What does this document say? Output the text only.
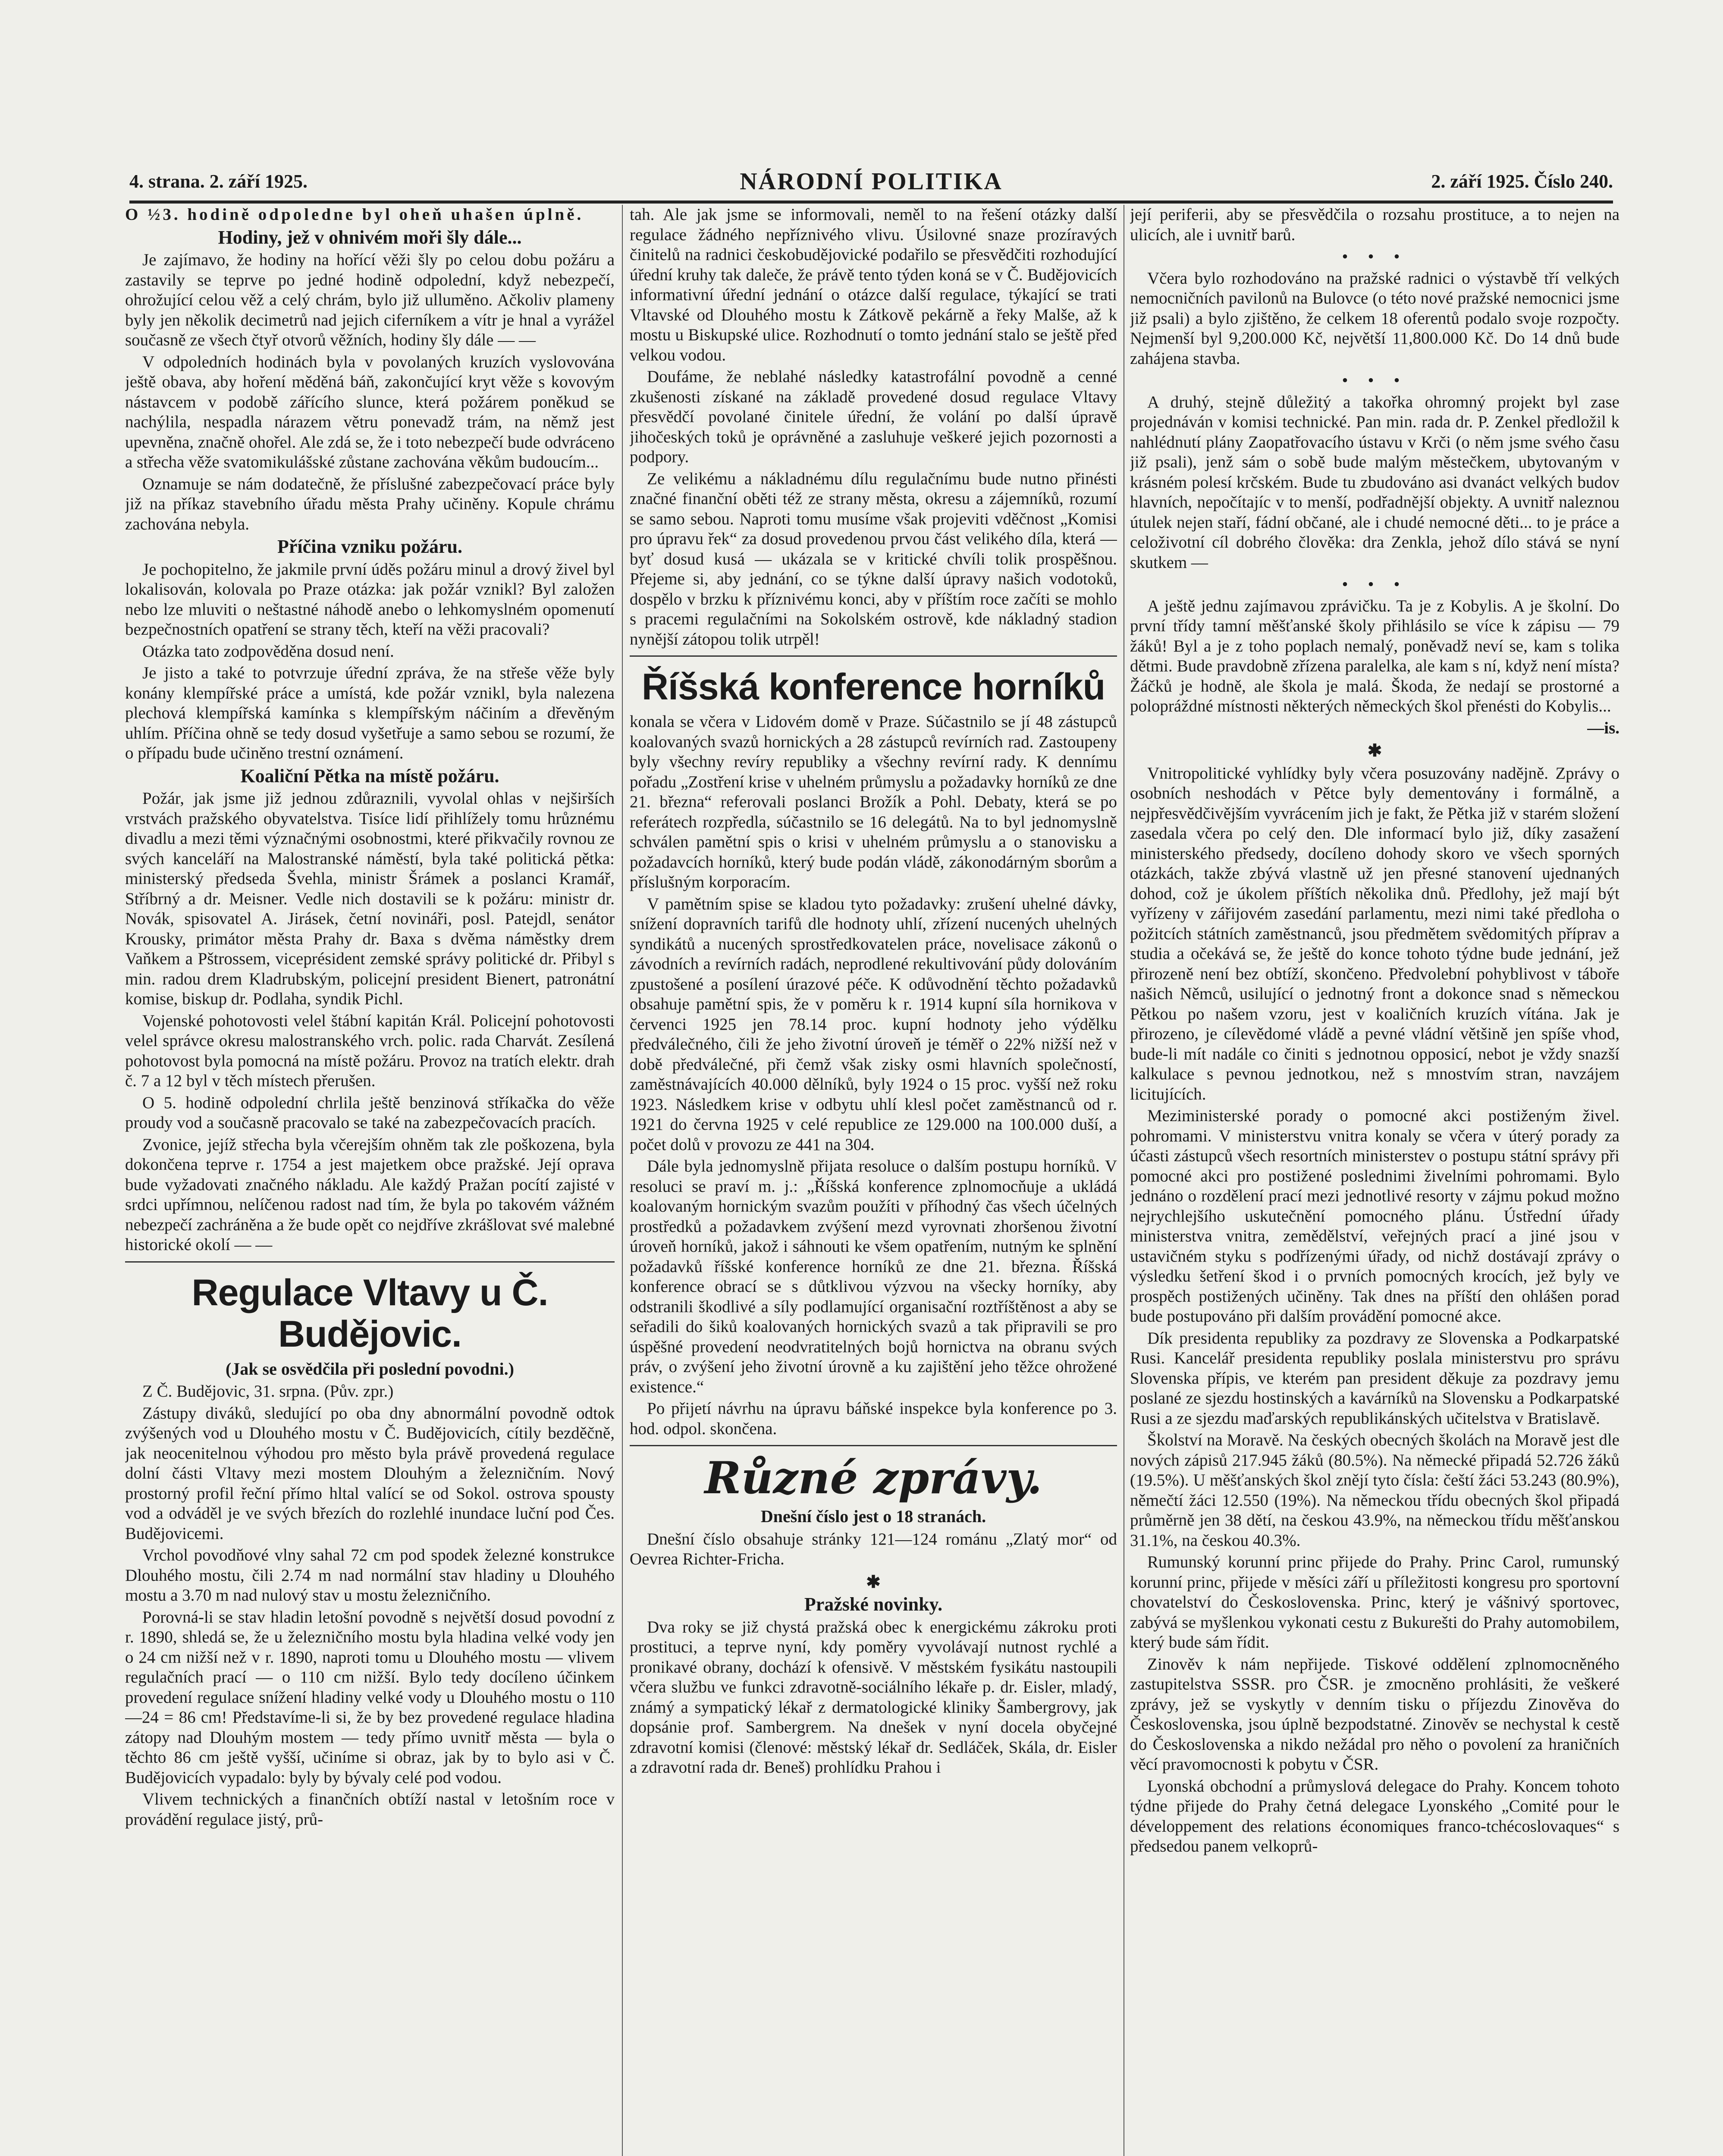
4. strana. 2. září 1925.	NÁRODNÍ POLITIKA	2. září 1925. Číslo 240.

O ½3. hodině odpoledne byl oheň uhašen úplně.

Hodiny, jež v ohnivém moři šly dále...

Je zajímavo, že hodiny na hořící věži šly po celou dobu požáru a zastavily se teprve po jedné hodině odpolední, když nebezpečí, ohrožující celou věž a celý chrám, bylo již ulluměno. Ačkoliv plameny byly jen několik decimetrů nad jejich ciferníkem a vítr je hnal a vyrážel současně ze všech čtyř otvorů věžních, hodiny šly dále — —

V odpoledních hodinách byla v povolaných kruzích vyslovována ještě obava, aby hoření měděná báň, zakončující kryt věže s kovovým nástavcem v podobě zářícího slunce, která požárem poněkud se nachýlila, nespadla nárazem větru ponevadž trám, na němž jest upevněna, značně ohořel. Ale zdá se, že i toto nebezpečí bude odvráceno a střecha věže svatomikulášské zůstane zachována věkům budoucím...

Oznamuje se nám dodatečně, že příslušné zabezpečovací práce byly již na příkaz stavebního úřadu města Prahy učiněny. Kopule chrámu zachována nebyla.

Příčina vzniku požáru.

Je pochopitelno, že jakmile první úděs požáru minul a drový živel byl lokalisován, kolovala po Praze otázka: jak požár vznikl? Byl založen nebo lze mluviti o neštastné náhodě anebo o lehkomyslném opomenutí bezpečnostních opatření se strany těch, kteří na věži pracovali?

Otázka tato zodpověděna dosud není.

Je jisto a také to potvrzuje úřední zpráva, že na střeše věže byly konány klempířské práce a umístá, kde požár vznikl, byla nalezena plechová klempířská kamínka s klempířským náčiním a dřevěným uhlím. Příčina ohně se tedy dosud vyšetřuje a samo sebou se rozumí, že o případu bude učiněno trestní oznámení.

Koaliční Pětka na místě požáru.

Požár, jak jsme již jednou zdůraznili, vyvolal ohlas v nejširších vrstvách pražského obyvatelstva. Tisíce lidí přihlížely tomu hrůznému divadlu a mezi těmi význačnými osobnostmi, které přikvačily rovnou ze svých kanceláří na Malostranské náměstí, byla také politická pětka: ministerský předseda Švehla, ministr Šrámek a poslanci Kramář, Stříbrný a dr. Meisner. Vedle nich dostavili se k požáru: ministr dr. Novák, spisovatel A. Jirásek, četní novináři, posl. Patejdl, senátor Krousky, primátor města Prahy dr. Baxa s dvěma náměstky drem Vaňkem a Pštrossem, viceprésident zemské správy politické dr. Přibyl s min. radou drem Kladrubským, policejní president Bienert, patronátní komise, biskup dr. Podlaha, syndik Pichl.

Vojenské pohotovosti velel štábní kapitán Král. Policejní pohotovosti velel správce okresu malostranského vrch. polic. rada Charvát. Zesílená pohotovost byla pomocná na místě požáru. Provoz na tratích elektr. drah č. 7 a 12 byl v těch místech přerušen.

O 5. hodině odpolední chrlila ještě benzinová stříkačka do věže proudy vod a současně pracovalo se také na zabezpečovacích pracích.

Zvonice, jejíž střecha byla včerejším ohněm tak zle poškozena, byla dokončena teprve r. 1754 a jest majetkem obce pražské. Její oprava bude vyžadovati značného nákladu. Ale každý Pražan pocítí zajisté v srdci upřímnou, nelíčenou radost nad tím, že byla po takovém vážném nebezpečí zachráněna a že bude opět co nejdříve zkrášlovat své malebné historické okolí — —

Regulace Vltavy u Č. Budějovic.
(Jak se osvědčila při poslední povodni.)

Z Č. Budějovic, 31. srpna. (Pův. zpr.)

Zástupy diváků, sledující po oba dny abnormální povodně odtok zvýšených vod u Dlouhého mostu v Č. Budějovicích, cítily bezděčně, jak neocenitelnou výhodou pro město byla právě provedená regulace dolní části Vltavy mezi mostem Dlouhým a železničním. Nový prostorný profil řeční přímo hltal valící se od Sokol. ostrova spousty vod a odváděl je ve svých březích do rozlehlé inundace luční pod Čes. Budějovicemi.

Vrchol povodňové vlny sahal 72 cm pod spodek železné konstrukce Dlouhého mostu, čili 2.74 m nad normální stav hladiny u Dlouhého mostu a 3.70 m nad nulový stav u mostu železničního.

Porovná-li se stav hladin letošní povodně s největší dosud povodní z r. 1890, shledá se, že u železničního mostu byla hladina velké vody jen o 24 cm nižší než v r. 1890, naproti tomu u Dlouhého mostu — vlivem regulačních prací — o 110 cm nižší. Bylo tedy docíleno účinkem provedení regulace snížení hladiny velké vody u Dlouhého mostu o 110—24 = 86 cm! Představíme-li si, že by bez provedené regulace hladina zátopy nad Dlouhým mostem — tedy přímo uvnitř města — byla o těchto 86 cm ještě vyšší, učiníme si obraz, jak by to bylo asi v Č. Budějovicích vypadalo: byly by bývaly celé pod vodou.

Vlivem technických a finančních obtíží nastal v letošním roce v provádění regulace jistý, prů-

tah. Ale jak jsme se informovali, neměl to na řešení otázky další regulace žádného nepříznivého vlivu. Úsilovné snaze prozíravých činitelů na radnici českobudějovické podařilo se přesvědčiti rozhodující úřední kruhy tak daleče, že právě tento týden koná se v Č. Budějovicích informativní úřední jednání o otázce další regulace, týkající se trati Vltavské od Dlouhého mostu k Zátkově pekárně a řeky Malše, až k mostu u Biskupské ulice. Rozhodnutí o tomto jednání stalo se ještě před velkou vodou.

Doufáme, že neblahé následky katastrofální povodně a cenné zkušenosti získané na základě provedené dosud regulace Vltavy přesvědčí povolané činitele úřední, že volání po další úpravě jihočeských toků je oprávněné a zasluhuje veškeré jejich pozornosti a podpory.

Ze velikému a nákladnému dílu regulačnímu bude nutno přinésti značné finanční oběti též ze strany města, okresu a zájemníků, rozumí se samo sebou. Naproti tomu musíme však projeviti vděčnost „Komisi pro úpravu řek“ za dosud provedenou prvou část velikého díla, která — byť dosud kusá — ukázala se v kritické chvíli tolik prospěšnou. Přejeme si, aby jednání, co se týkne další úpravy našich vodotoků, dospělo v brzku k příznivému konci, aby v příštím roce začíti se mohlo s pracemi regulačními na Sokolském ostrově, kde nákladný stadion nynější zátopou tolik utrpěl!

Říšská konference horníků

konala se včera v Lidovém domě v Praze. Súčastnilo se jí 48 zástupců koalovaných svazů hornických a 28 zástupců revírních rad. Zastoupeny byly všechny revíry republiky a všechny revírní rady. K dennímu pořadu „Zostření krise v uhelném průmyslu a požadavky horníků ze dne 21. března“ referovali poslanci Brožík a Pohl. Debaty, která se po referátech rozpředla, súčastnilo se 16 delegátů. Na to byl jednomyslně schválen pamětní spis o krisi v uhelném průmyslu a o stanovisku a požadavcích horníků, který bude podán vládě, zákonodárným sborům a příslušným korporacím.

V pamětním spise se kladou tyto požadavky: zrušení uhelné dávky, snížení dopravních tarifů dle hodnoty uhlí, zřízení nucených uhelných syndikátů a nucených sprostředkovatelen práce, novelisace zákonů o závodních a revírních radách, neprodlené rekultivování půdy dolováním zpustošené a posílení úrazové péče. K odůvodnění těchto požadavků obsahuje pamětní spis, že v poměru k r. 1914 kupní síla hornikova v červenci 1925 jen 78.14 proc. kupní hodnoty jeho výdělku předválečného, čili že jeho životní úroveň je téměř o 22% nižší než v době předválečné, při čemž však zisky osmi hlavních společností, zaměstnávajících 40.000 dělníků, byly 1924 o 15 proc. vyšší než roku 1923. Následkem krise v odbytu uhlí klesl počet zaměstnanců od r. 1921 do června 1925 v celé republice ze 129.000 na 100.000 duší, a počet dolů v provozu ze 441 na 304.

Dále byla jednomyslně přijata resoluce o dalším postupu horníků. V resoluci se praví m. j.: „Říšská konference zplnomocňuje a ukládá koalovaným hornickým svazům použíti v příhodný čas všech účelných prostředků a požadavkem zvýšení mezd vyrovnati zhoršenou životní úroveň horníků, jakož i sáhnouti ke všem opatřením, nutným ke splnění požadavků říšské konference horníků ze dne 21. března. Říšská konference obrací se s důtklivou výzvou na všecky horníky, aby odstranili škodlivé a síly podlamující organisační roztříštěnost a aby se seřadili do šiků koalovaných hornických svazů a tak připravili se pro úspěšné provedení neodvratitelných bojů hornictva na obranu svých práv, o zvýšení jeho životní úrovně a ku zajištění jeho těžce ohrožené existence.“

Po přijetí návrhu na úpravu báňské inspekce byla konference po 3. hod. odpol. skončena.

Různé zprávy.
Dnešní číslo jest o 18 stranách.

Dnešní číslo obsahuje stránky 121—124 románu „Zlatý mor“ od Oevrea Richter-Fricha.

✱
Pražské novinky.

Dva roky se již chystá pražská obec k energickému zákroku proti prostituci, a teprve nyní, kdy poměry vyvolávají nutnost rychlé a pronikavé obrany, dochází k ofensivě. V městském fysikátu nastoupili včera službu ve funkci zdravotně-sociálního lékaře p. dr. Eisler, mladý, známý a sympatický lékař z dermatologické kliniky Šambergrovy, jak dopsánie prof. Sambergrem. Na dnešek v nyní docela obyčejné zdravotní komisi (členové: městský lékař dr. Sedláček, Skála, dr. Eisler a zdravotní rada dr. Beneš) prohlídku Prahou i

její periferii, aby se přesvědčila o rozsahu prostituce, a to nejen na ulicích, ale i uvnitř barů.

• • •

Včera bylo rozhodováno na pražské radnici o výstavbě tří velkých nemocničních pavilonů na Bulovce (o této nové pražské nemocnici jsme již psali) a bylo zjištěno, že celkem 18 oferentů podalo svoje rozpočty. Nejmenší byl 9,200.000 Kč, největší 11,800.000 Kč. Do 14 dnů bude zahájena stavba.

• • •

A druhý, stejně důležitý a takořka ohromný projekt byl zase projednáván v komisi technické. Pan min. rada dr. P. Zenkel předložil k nahlédnutí plány Zaopatřovacího ústavu v Krči (o něm jsme svého času již psali), jenž sám o sobě bude malým městečkem, ubytovaným v krásném polesí krčském. Bude tu zbudováno asi dvanáct velkých budov hlavních, nepočítajíc v to menší, podřadnější objekty. A uvnitř naleznou útulek nejen staří, fádní občané, ale i chudé nemocné děti... to je práce a celoživotní cíl dobrého člověka: dra Zenkla, jehož dílo stává se nyní skutkem —

• • •

A ještě jednu zajímavou zprávičku. Ta je z Kobylis. A je školní. Do první třídy tamní měšťanské školy přihlásilo se více k zápisu — 79 žáků! Byl a je z toho poplach nemalý, poněvadž neví se, kam s tolika dětmi. Bude pravdobně zřízena paralelka, ale kam s ní, když není místa? Žáčků je hodně, ale škola je malá. Škoda, že nedají se prostorné a polopráždné místnosti některých německých škol přenésti do Kobylis...

—is.
✱

Vnitropolitické vyhlídky byly včera posuzovány nadějně. Zprávy o osobních neshodách v Pětce byly dementovány i formálně, a nejpřesvědčivějším vyvrácením jich je fakt, že Pětka již v starém složení zasedala včera po celý den. Dle informací bylo již, díky zasažení ministerského předsedy, docíleno dohody skoro ve všech sporných otázkách, takže zbývá vlastně už jen přesné stanovení ujednaných dohod, což je úkolem příštích několika dnů. Předlohy, jež mají být vyřízeny v zářijovém zasedání parlamentu, mezi nimi také předloha o požitcích státních zaměstnanců, jsou předmětem svědomitých příprav a studia a očekává se, že ještě do konce tohoto týdne bude jednání, jež přirozeně není bez obtíží, skončeno. Předvolební pohyblivost v táboře našich Němců, usilující o jednotný front a dokonce snad s německou Pětkou po našem vzoru, jest v koaličních kruzích vítána. Jak je přirozeno, je cílevědomé vládě a pevné vládní většině jen spíše vhod, bude-li mít nadále co činiti s jednotnou opposicí, nebot je vždy snazší kalkulace s pevnou jednotkou, než s mnostvím stran, navzájem licitujících.

Meziministerské porady o pomocné akci postiženým živel. pohromami. V ministerstvu vnitra konaly se včera v úterý porady za účasti zástupců všech resortních ministerstev o postupu státní správy při pomocné akci pro postižené poslednimi živelními pohromami. Bylo jednáno o rozdělení prací mezi jednotlivé resorty v zájmu pokud možno nejrychlejšího uskutečnění pomocného plánu. Ústřední úřady ministerstva vnitra, zemědělství, veřejných prací a jiné jsou v ustavičném styku s podřízenými úřady, od nichž dostávají zprávy o výsledku šetření škod i o prvních pomocných krocích, jež byly ve prospěch postižených učiněny. Tak dnes na příští den ohlášen porad bude postupováno při dalším provádění pomocné akce.

Dík presidenta republiky za pozdravy ze Slovenska a Podkarpatské Rusi. Kancelář presidenta republiky poslala ministerstvu pro správu Slovenska přípis, ve kterém pan president děkuje za pozdravy jemu poslané ze sjezdu hostinských a kavárníků na Slovensku a Podkarpatské Rusi a ze sjezdu maďarských republikánských učitelstva v Bratislavě.

Školství na Moravě. Na českých obecných školách na Moravě jest dle nových zápisů 217.945 žáků (80.5%). Na německé připadá 52.726 žáků (19.5%). U měšťanských škol znějí tyto čísla: čeští žáci 53.243 (80.9%), němečtí žáci 12.550 (19%). Na německou třídu obecných škol připadá průměrně jen 38 dětí, na českou 43.9%, na německou třídu měšťanskou 31.1%, na českou 40.3%.

Rumunský korunní princ přijede do Prahy. Princ Carol, rumunský korunní princ, přijede v měsíci září u příležitosti kongresu pro sportovní chovatelství do Československa. Princ, který je vášnivý sportovec, zabývá se myšlenkou vykonati cestu z Bukurešti do Prahy automobilem, který bude sám řídit.

Zinověv k nám nepřijede. Tiskové oddělení zplnomocněného zastupitelstva SSSR. pro ČSR. je zmocněno prohlásiti, že veškeré zprávy, jež se vyskytly v denním tisku o příjezdu Zinověva do Československa, jsou úplně bezpodstatné. Zinověv se nechystal k cestě do Československa a nikdo nežádal pro něho o povolení za hraničních věcí pravomocnosti k pobytu v ČSR.

Lyonská obchodní a průmyslová delegace do Prahy. Koncem tohoto týdne přijede do Prahy četná delegace Lyonského „Comité pour le développement des relations économiques franco-tchécoslovaques“ s předsedou panem velkoprů-
